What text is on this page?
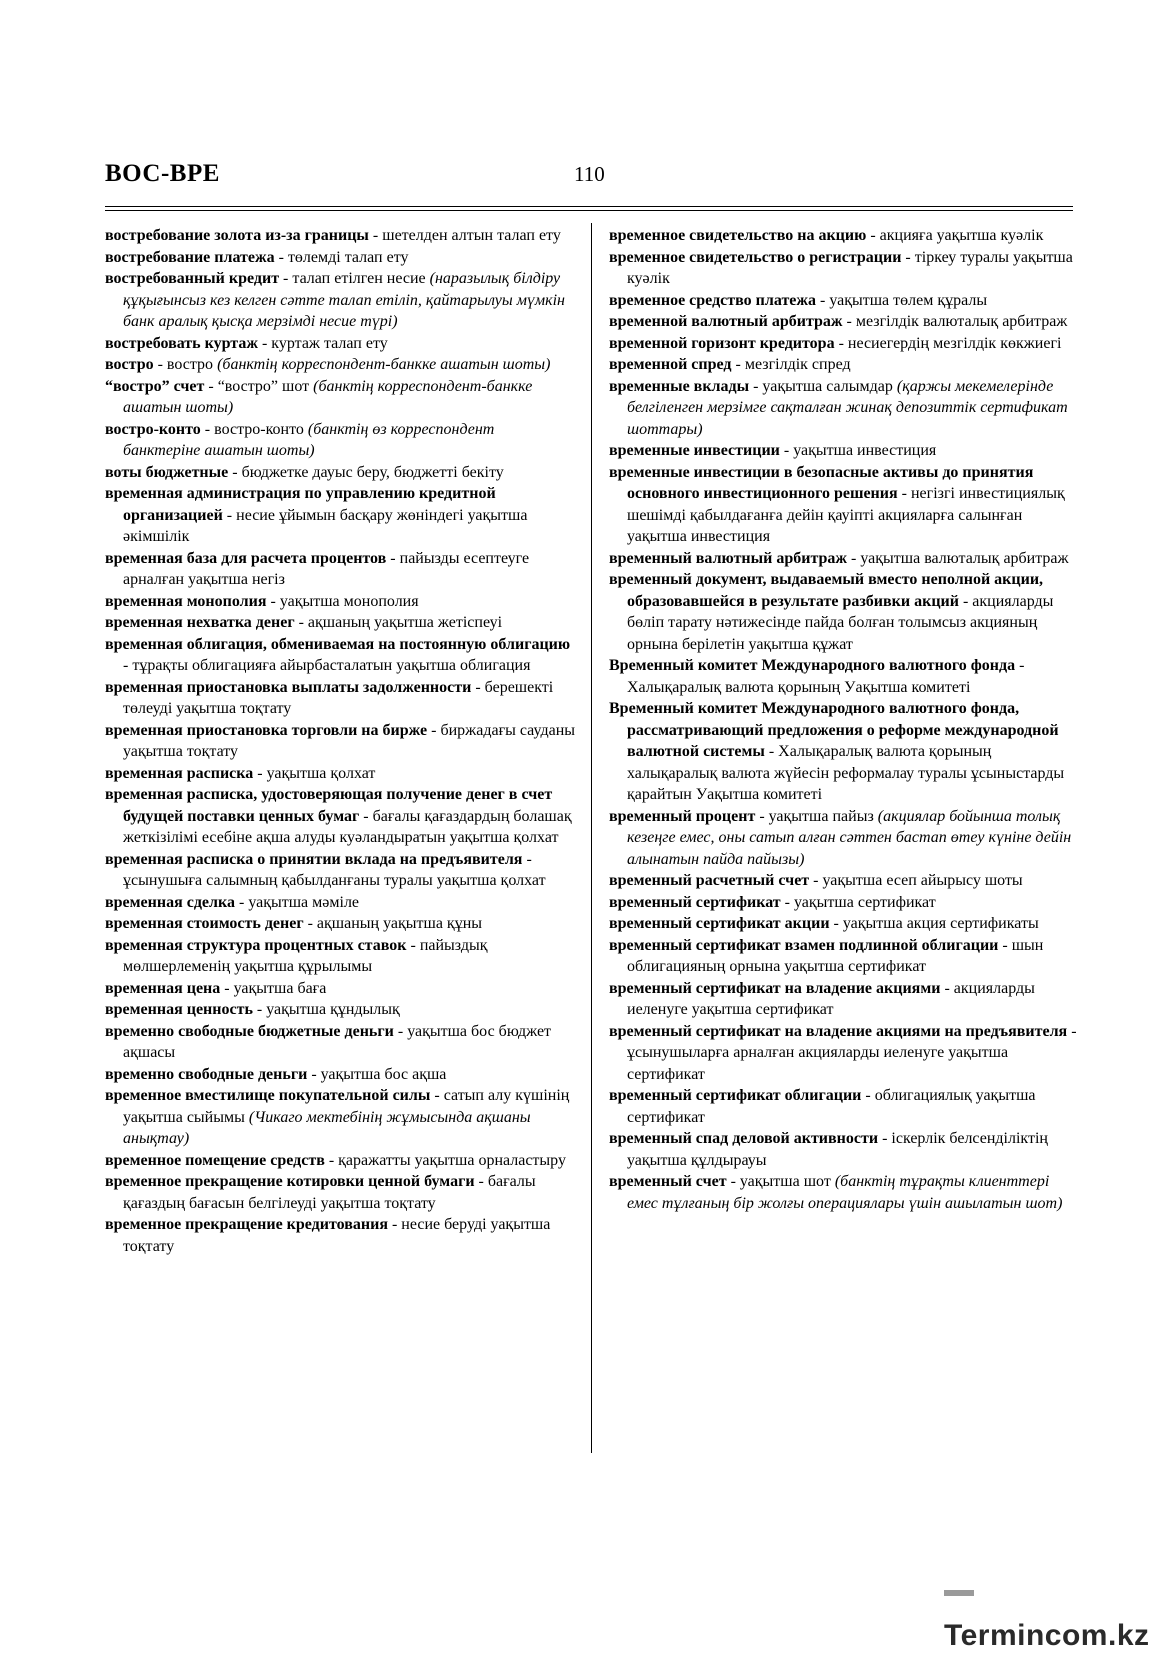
ВОС-ВРЕ	110
востребование золота из-за границы - шетелден алтын талап ету
востребование платежа - төлемді талап ету
востребованный кредит - талап етілген несие (наразылық білдіру құқығынсыз кез келген сәтте талап етіліп, қайтарылуы мүмкін банк аралық қысқа мерзімді несие түрі)
востребовать куртаж - куртаж талап ету
востро - востро (банктің корреспондент-банкке ашатын шоты)
“востро” счет - “востро” шот (банктің корреспондент-банкке ашатын шоты)
востро-конто - востро-конто (банктің өз корреспондент банктеріне ашатын шоты)
воты бюджетные - бюджетке дауыс беру, бюджетті бекіту
временная администрация по управлению кредитной организацией - несие ұйымын басқару жөніндегі уақытша әкімшілік
временная база для расчета процентов - пайызды есептеуге арналған уақытша негіз
временная монополия - уақытша монополия
временная нехватка денег - ақшаның уақытша жетіспеуі
временная облигация, обмениваемая на постоянную облигацию - тұрақты облигацияға айырбасталатын уақытша облигация
временная приостановка выплаты задолженности - берешекті төлеуді уақытша тоқтату
временная приостановка торговли на бирже - биржадағы сауданы уақытша тоқтату
временная расписка - уақытша қолхат
временная расписка, удостоверяющая получение денег в счет будущей поставки ценных бумаг - бағалы қағаздардың болашақ жеткізілімі есебіне ақша алуды куәландыратын уақытша қолхат
временная расписка о принятии вклада на предъявителя - ұсынушыға салымның қабылданғаны туралы уақытша қолхат
временная сделка - уақытша мәміле
временная стоимость денег - ақшаның уақытша құны
временная структура процентных ставок - пайыздық мөлшерлеменің уақытша құрылымы
временная цена - уақытша баға
временная ценность - уақытша құндылық
временно свободные бюджетные деньги - уақытша бос бюджет ақшасы
временно свободные деньги - уақытша бос ақша
временное вместилище покупательной силы - сатып алу күшінің уақытша сыйымы (Чикаго мектебінің жұмысында ақшаны анықтау)
временное помещение средств - қаражатты уақытша орналастыру
временное прекращение котировки ценной бумаги - бағалы қағаздың бағасын белгілеуді уақытша тоқтату
временное прекращение кредитования - несие беруді уақытша тоқтату
временное свидетельство на акцию - акцияға уақытша куәлік
временное свидетельство о регистрации - тіркеу туралы уақытша куәлік
временное средство платежа - уақытша төлем құралы
временной валютный арбитраж - мезгілдік валюталық арбитраж
временной горизонт кредитора - несиегердің мезгілдік көкжиегі
временной спред - мезгілдік спред
временные вклады - уақытша салымдар (қаржы мекемелерінде белгіленген мерзімге сақталған жинақ депозиттік сертификат шоттары)
временные инвестиции - уақытша инвестиция
временные инвестиции в безопасные активы до принятия основного инвестиционного решения - негізгі инвестициялық шешімді қабылдағанға дейін қауіпті акцияларға салынған уақытша инвестиция
временный валютный арбитраж - уақытша валюталық арбитраж
временный документ, выдаваемый вместо неполной акции, образовавшейся в результате разбивки акций - акцияларды бөліп тарату нәтижесінде пайда болған толымсыз акцияның орнына берілетін уақытша құжат
Временный комитет Международного валютного фонда - Халықаралық валюта қорының Уақытша комитеті
Временный комитет Международного валютного фонда, рассматривающий предложения о реформе международной валютной системы - Халықаралық валюта қорының халықаралық валюта жүйесін реформалау туралы ұсыныстарды қарайтын Уақытша комитеті
временный процент - уақытша пайыз (акциялар бойынша толық кезеңге емес, оны сатып алған сәттен бастап өтеу күніне дейін алынатын пайда пайызы)
временный расчетный счет - уақытша есеп айырысу шоты
временный сертификат - уақытша сертификат
временный сертификат акции - уақытша акция сертификаты
временный сертификат взамен подлинной облигации - шын облигацияның орнына уақытша сертификат
временный сертификат на владение акциями - акцияларды иеленуге уақытша сертификат
временный сертификат на владение акциями на предъявителя - ұсынушыларға арналған акцияларды иеленуге уақытша сертификат
временный сертификат облигации - облигациялық уақытша сертификат
временный спад деловой активности - іскерлік белсенділіктің уақытша құлдырауы
временный счет - уақытша шот (банктің тұрақты клиенттері емес тұлғаның бір жолғы операциялары үшін ашылатын шот)
Termincom.kz
